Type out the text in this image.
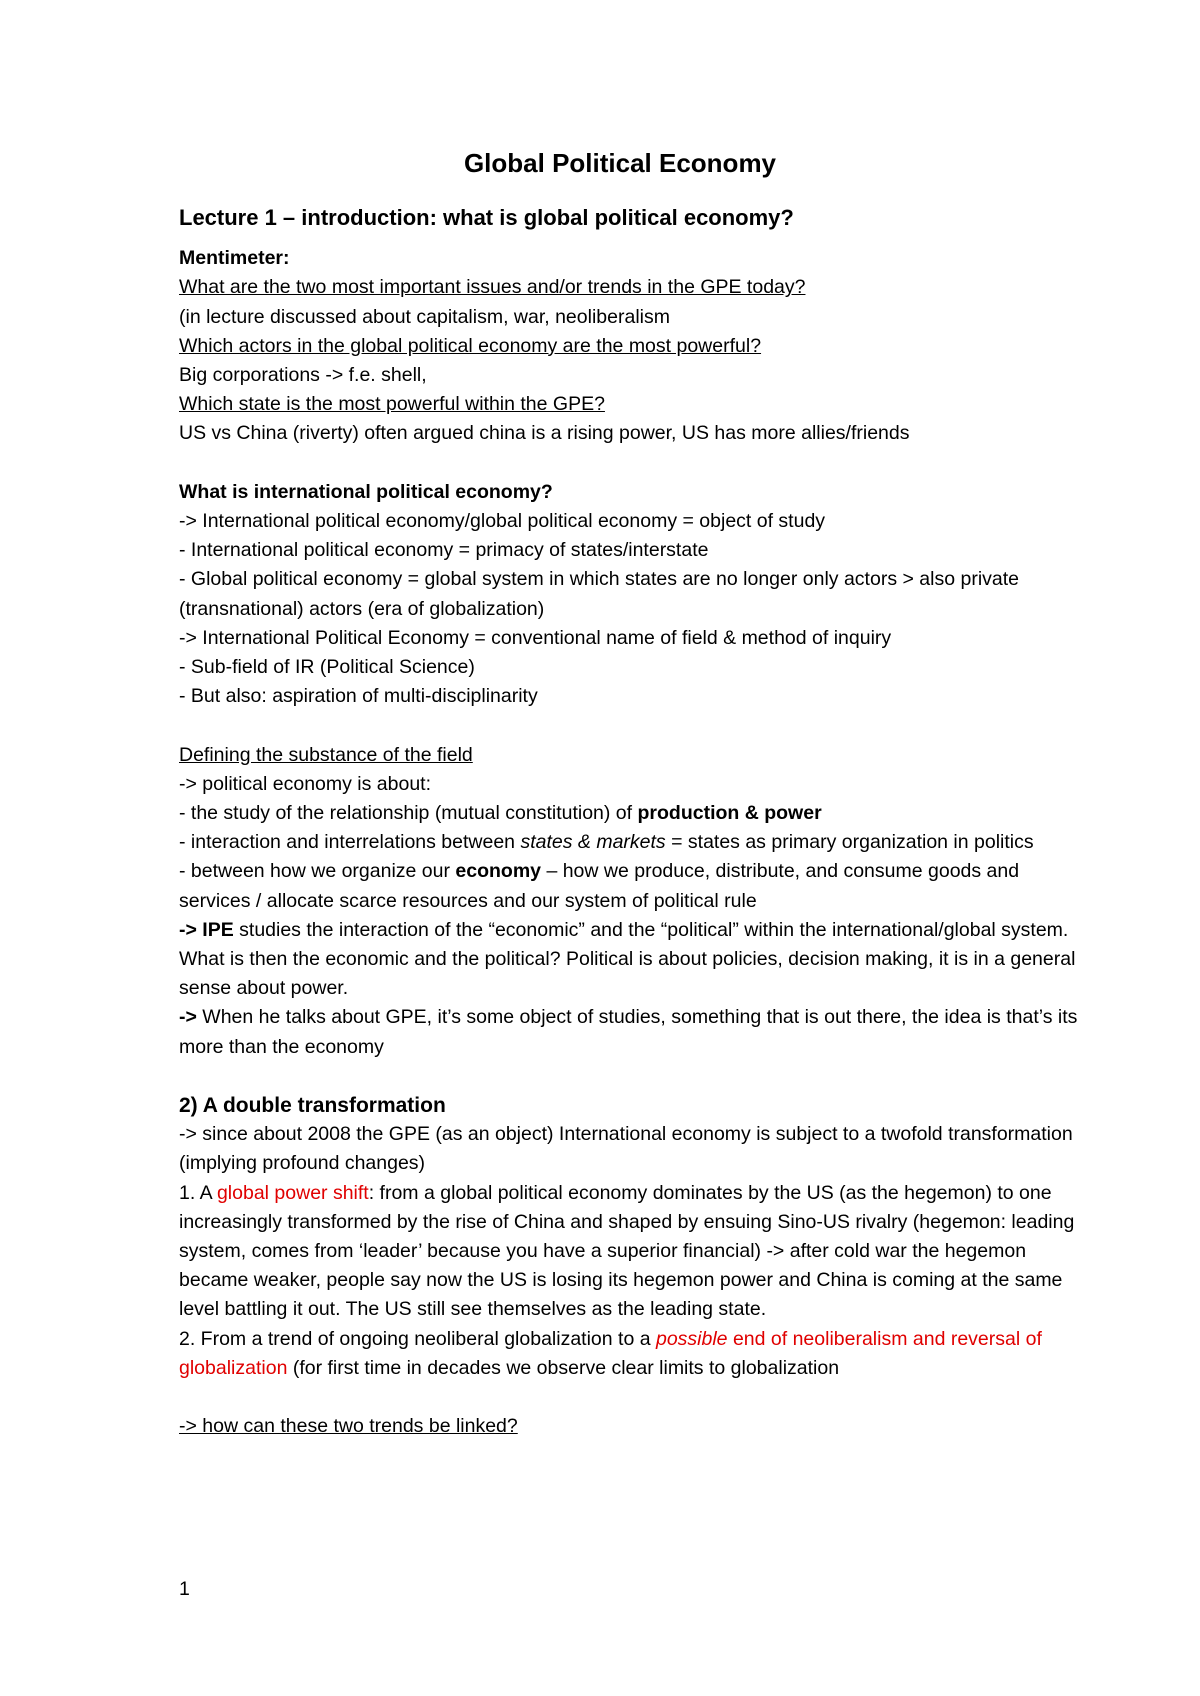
Global Political Economy

Lecture 1 – introduction: what is global political economy?

Mentimeter:

What are the two most important issues and/or trends in the GPE today?

(in lecture discussed about capitalism, war, neoliberalism

Which actors in the global political economy are the most powerful?

Big corporations -> f.e. shell,

Which state is the most powerful within the GPE?

US vs China (riverty) often argued china is a rising power, US has more allies/friends

What is international political economy?

-> International political economy/global political economy = object of study

- International political economy = primacy of states/interstate

- Global political economy = global system in which states are no longer only actors > also private (transnational) actors (era of globalization)

-> International Political Economy = conventional name of field & method of inquiry

- Sub-field of IR (Political Science)

- But also: aspiration of multi-disciplinarity

Defining the substance of the field

-> political economy is about:

- the study of the relationship (mutual constitution) of production & power

- interaction and interrelations between states & markets = states as primary organization in politics

- between how we organize our economy – how we produce, distribute, and consume goods and services / allocate scarce resources and our system of political rule

-> IPE studies the interaction of the “economic” and the “political” within the international/global system. What is then the economic and the political? Political is about policies, decision making, it is in a general sense about power.

-> When he talks about GPE, it’s some object of studies, something that is out there, the idea is that’s its more than the economy

2) A double transformation

-> since about 2008 the GPE (as an object) International economy is subject to a twofold transformation (implying profound changes)

1. A global power shift: from a global political economy dominates by the US (as the hegemon) to one increasingly transformed by the rise of China and shaped by ensuing Sino-US rivalry (hegemon: leading system, comes from ‘leader’ because you have a superior financial) -> after cold war the hegemon became weaker, people say now the US is losing its hegemon power and China is coming at the same level battling it out. The US still see themselves as the leading state.

2. From a trend of ongoing neoliberal globalization to a possible end of neoliberalism and reversal of globalization (for first time in decades we observe clear limits to globalization

-> how can these two trends be linked?

1
